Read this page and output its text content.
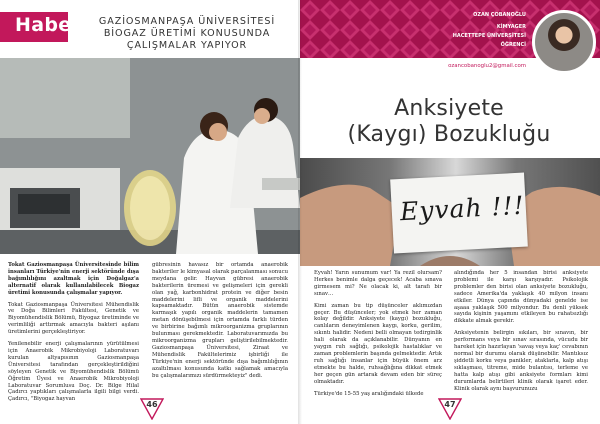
Haber	GAZİOSMANPAŞA ÜNİVERSİTESİ
BİOGAZ ÜRETİMİ KONUSUNDA
ÇALIŞMALAR YAPIYOR

Tokat Gaziosmanpaşa Üniversitesinde bilim insanları Türkiye'nin enerji sektöründe dışa bağımlılığını azaltmak için Doğalgaz'a alternatif olarak kullanılabilecek Biogaz üretimi konusunda çalışmalar yapıyor.

Tokat Gaziosmanpaşa Üniversitesi Mühendislik ve Doğa Bilimleri Fakültesi, Genetik ve Biyomühendislik Bölümü, Biyogaz üretiminde ve verimliliği arttırmak amacıyla bakteri aşılanı üretimlerini gerçekleştiriyor.

Yenilenebilir enerji çalışmalarının yürütülmesi için Anaerobik Mikrobiyoloji Laboratuvarı kurulan altyapısının Gaziosmanpaşa Üniversitesi tarafından gerçekleştirildiğini söyleyen Genetik ve Biyomühendislik Bölümü Öğretim Üyesi ve Anaerobik Mikrobiyoloji Laboratuvar Sorumlusu Doç. Dr. Bilge Hilal Çadırcı yaptıkları çalışmalarla ilgili bilgi verdi. Çadırcı, "Biyogaz hayvan

gübresinin havasız bir ortamda anaerobik bakteriler le kimyasal olarak parçalanması sonucu meydana gelir. Hayvan gübresi anaerobik bakterilerin üremesi ve gelişmeleri için gerekli olan yağ, karbonhidrat protein ve diğer besin maddelerini lifli ve organik maddelerini kapsamaktadır. Bütün anaerobik sistemde karmaşık yapılı organik maddelerin tamamen metan dönüşebilmesi için ortamda farklı türden ve birbirine bağımlı mikroorganizma gruplarının bulunması gerekmektedir. Laboratuvarımızda bu mikroorganizma grupları geliştirilebilmektedir. Gaziosmanpaşa Üniversitesi, Ziraat ve Mühendislik Fakültelerimiz işbirliği ile Türkiye'nin enerji sektöründe dışa bağımlılığının azaltılması konusunda katkı sağlamak amacıyla bu çalışmalarımızı sürdürmekteyiz" dedi.

46
OZAN ÇOBANOĞLU
KİMYAGER
HACETTEPE ÜNİVERSİTESİ
ÖĞRENCİ
ozancobanoglu2@gmail.com
Anksiyete
(Kaygı) Bozukluğu
Eyvah !!!

Eyvah! Yarın sunumum var! Ya rezil olursam? Herkes benimle dalga geçecek! Acaba sınava girmesem mi? Ne olacak ki, alt tarafı bir sınav…

Kimi zaman bu tip düşünceler aklımızdan geçer. Bu düşünceler; yok etmek her zaman kolay değildir. Anksiyete (kaygı) bozukluğu, canlıların deneyimlenen kaygı, korku, gerilim, sıkıntı halidir. Nedeni belli olmayan tedirginlik hali olarak da açıklanabilir. Dünyanın en yaygın ruh sağlığı, psikolojik hastalıklar ve zaman problemlerin başında gelmektedir. Artık ruh sağlığı insanlar için büyük önem arz etmekte bu halde, ruhsağlığına dikkat etmek her geçen gün artarak devam eden bir süreç olmaktadır.

Türkiye'de 15-55 yaş aralığındaki ülkede

alındığında her 5 insandan birisi anksiyete problemi ile karşı karşıyadır. Psikolojik problemler den birisi olan anksiyete bozukluğu, sadece Amerika'da yaklaşık 40 milyon insanı etkiler. Dünya çapında dünyadaki genelde ise aşaaa yaklaşık 500 milyondur. Bu denli yüksek sayıda kişinin yaşamını etkileyen bu rahatsızlığı dikkate almak gerekir.

Anksiyetenin belirgin sıkıları, bir sınavın, bir performans veya bir sınav sırasında, vücudu bir hareket için hazırlayan 'savaş veya kaç' cevabının normal bir durumu olarak düşünebilir. Mantıksız şiddetli korku veya panikler, ataklarla, kalp atışı sıklaşması, titreme, mide bulantısı, terleme ve hatta kalp atışı gibi anksiyete formları kimi durumlarda belirtileri klinik olarak işaret eder. Klinik olarak aynı başvurunuzu

47
